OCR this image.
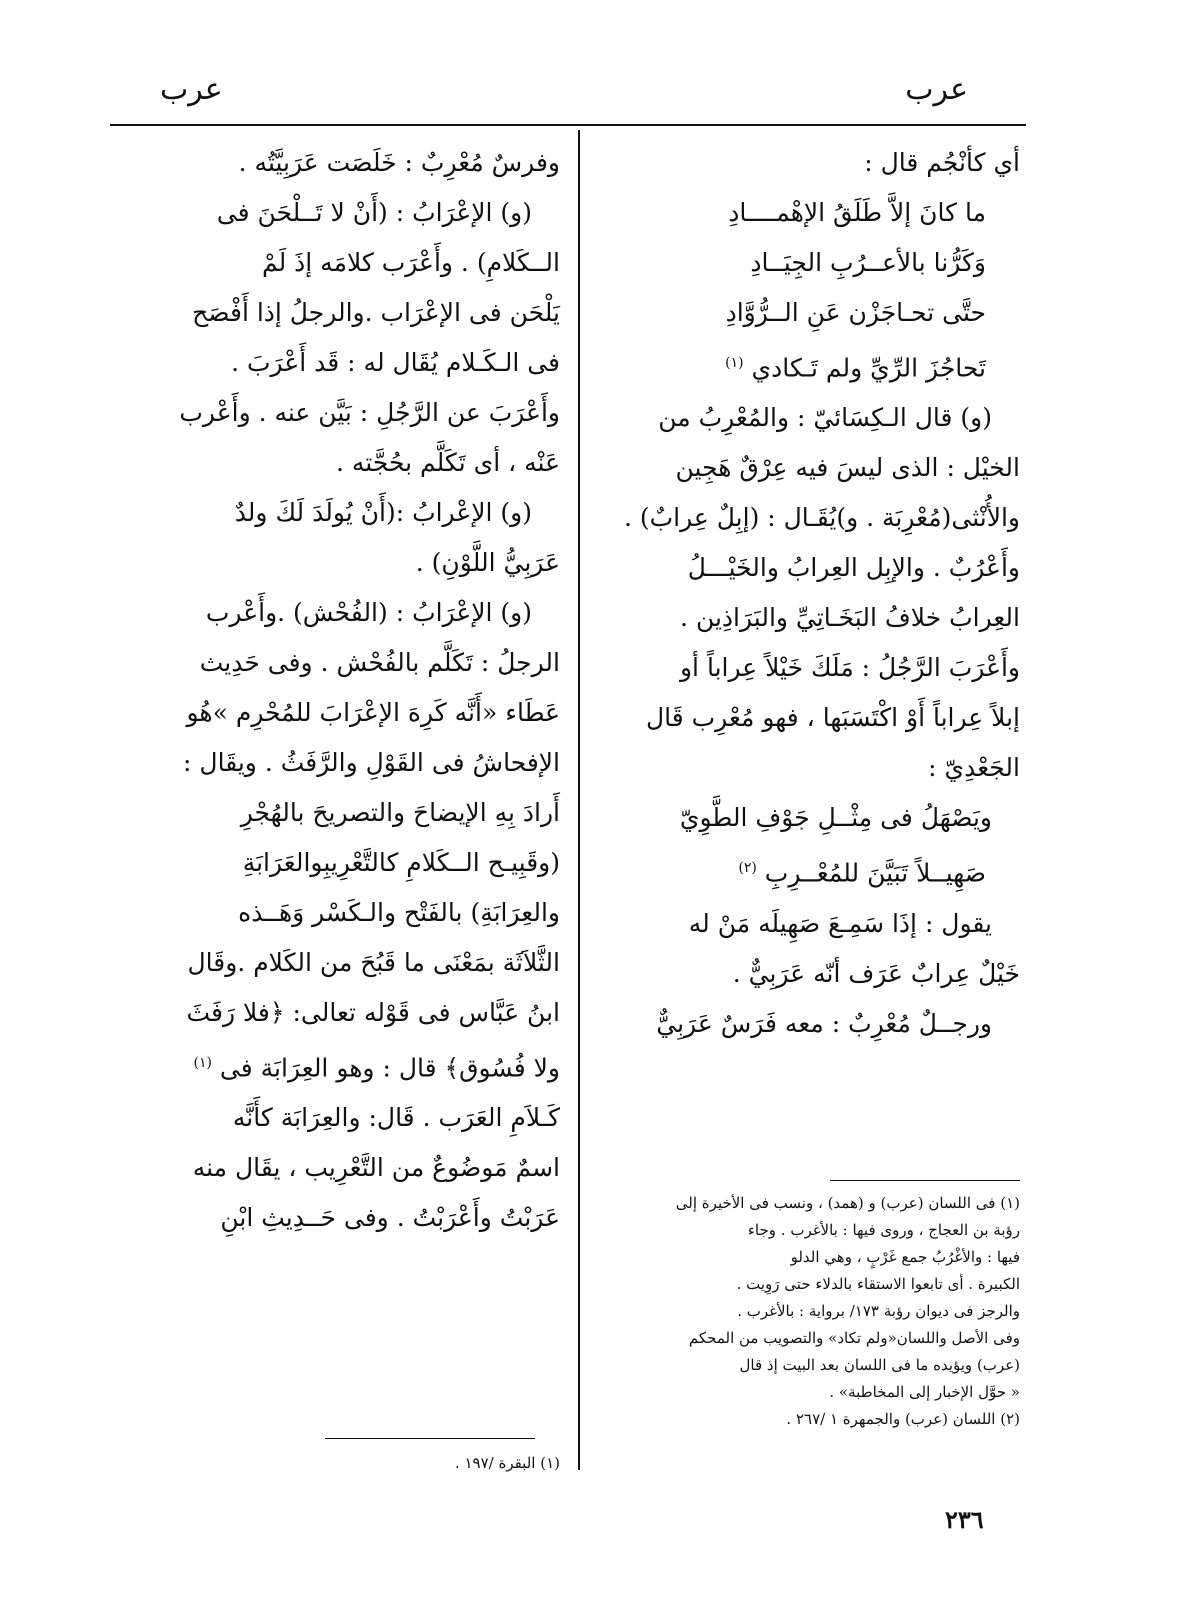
عرب
عرب

أي كأنْجُم قال :

ما كانَ إلاَّ طَلَقُ الإهْمــــادِ

وَكَرُّنا بالأعــرُبِ الجِيَــادِ

حتَّى تحـاجَزْن عَنِ الــرُّوَّادِ

تَحاجُزَ الرِّيِّ ولم تَـكادي $^{(١)}$

(و) قال الـكِسَائيّ : والمُعْرِبُ من

الخيْل : الذى ليسَ فيه عِرْقٌ هَجِين

والأُنْثى(مُعْرِبَة . و)يُقَـال : (إبِلٌ عِرابٌ) .

وأَعْرُبٌ . والإبِل العِرابُ والخَيْـــلُ

العِرابُ خلافُ البَخَـاتِيِّ والبَرَاذِين .

وأَعْرَبَ الرَّجُلُ : مَلَكَ خَيْلاً عِراباً أو

إبلاً عِراباً أَوْ اكْتَسَبَها ، فهو مُعْرِب قَال

الجَعْدِيّ :

ويَصْهَلُ فى مِثْــلِ جَوْفِ الطَّوِيّ

صَهِيــلاً تَبَيَّنَ للمُعْــرِبِ $^{(٢)}$

يقول : إذَا سَمِـعَ صَهِيلَه مَنْ له

خَيْلٌ عِرابٌ عَرَف أنّه عَرَبِيٌّ .

ورجــلٌ مُعْرِبٌ : معه فَرَسٌ عَرَبِيٌّ

(١) فى اللسان (عرب) و (همد) ، ونسب فى الأخيرة إلى

رؤبة بن العجاج ، وروى فيها : بالأغرب . وجاء

فيها : والأغْرُبُ جمع غَرْبٍ ، وهي الدلو

الكبيرة . أى تابعوا الاستقاء بالدلاء حتى رَوِيت .

والرجز فى ديوان رؤبة ١٧٣/ برواية : بالأغرب .

وفى الأصل واللسان«ولم تكاد» والتصويب من المحكم

(عرب) ويؤيده ما فى اللسان بعد البيت إذ قال

« حوَّل الإخبار إلى المخاطبة» .

(٢) اللسان (عرب) والجمهرة ١ /٢٦٧ .

وفرسٌ مُعْرِبٌ : خَلَصَت عَرَبِيَّتُه .

(و) الإعْرَابُ : (أَنْ لا تَــلْحَنَ فى

الــكَلامِ) . وأَعْرَب كلامَه إذَ لَمْ

يَلْحَن فى الإعْرَاب .والرجلُ إذا أَفْصَح

فى الـكَـلام يُقَال له : قَد أَعْرَبَ .

وأَعْرَبَ عن الرَّجُلِ : بَيَّن عنه . وأَعْرب

عَنْه ، أى تَكَلَّم بحُجَّته .

(و) الإعْرابُ :(أَنْ يُولَدَ لَكَ ولدٌ

عَرَبِيُّ اللَّوْنِ) .

(و) الإعْرَابُ : (الفُحْش) .وأَعْرب

الرجلُ : تَكَلَّم بالفُحْش . وفى حَدِيث

عَطَاء «أَنَّه كَرِهَ الإعْرَابَ للمُحْرِم »هُو

الإفحاشُ فى القَوْلِ والرَّفَثُ . ويقَال :

أَرادَ بِهِ الإيضاحَ والتصريحَ بالهُجْرِ

(وقَبِيـح الــكَلامِ كالتَّعْرِيبِوالعَرَابَةِ

والعِرَابَةِ) بالفَتْح والـكَسْر وَهَــذه

الثَّلاَثَة بمَعْنَى ما قَبُحَ من الكَلام .وقَال

ابنُ عَبَّاس فى قَوْله تعالى: ﴿فلا رَفَثَ

ولا فُسُوق﴾ قال : وهو العِرَابَة فى $^{(١)}$

كَـلاَمِ العَرَب . قَال: والعِرَابَة كأَنَّه

اسمٌ مَوضُوعٌ من التَّعْرِيب ، يقَال منه

عَرَبْتُ وأَعْرَبْتُ . وفى حَــدِيثِ ابْنِ

(١) البقرة /١٩٧ .

٢٣٦
